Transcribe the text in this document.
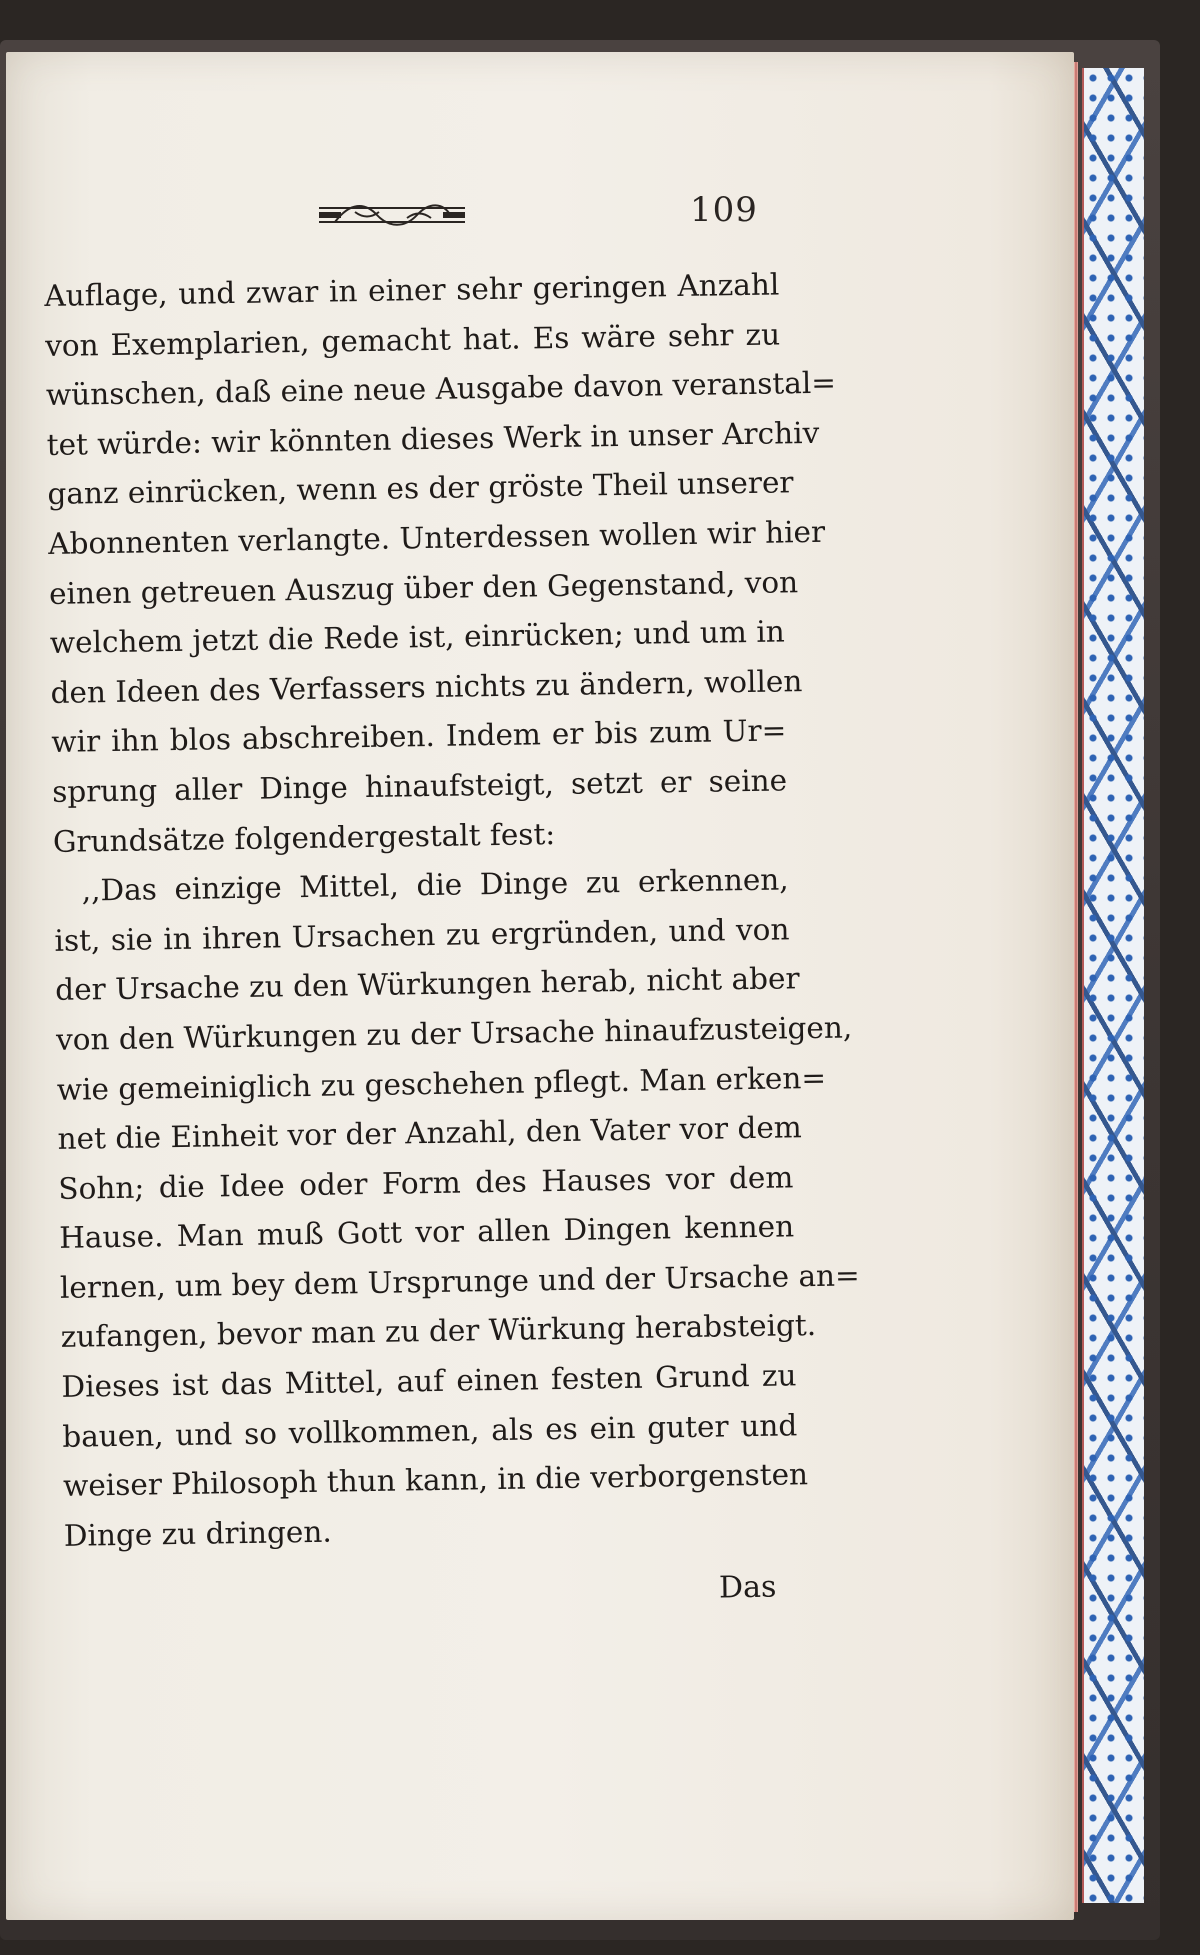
109
Auflage, und zwar in einer sehr geringen Anzahl
von Exemplarien, gemacht hat. Es wäre sehr zu
wünschen, daß eine neue Ausgabe davon veranstal=
tet würde: wir könnten dieses Werk in unser Archiv
ganz einrücken, wenn es der gröste Theil unserer
Abonnenten verlangte. Unterdessen wollen wir hier
einen getreuen Auszug über den Gegenstand, von
welchem jetzt die Rede ist, einrücken; und um in
den Ideen des Verfassers nichts zu ändern, wollen
wir ihn blos abschreiben. Indem er bis zum Ur=
sprung aller Dinge hinaufsteigt, setzt er seine
Grundsätze folgendergestalt fest:
,,Das einzige Mittel, die Dinge zu erkennen,
ist, sie in ihren Ursachen zu ergründen, und von
der Ursache zu den Würkungen herab, nicht aber
von den Würkungen zu der Ursache hinaufzusteigen,
wie gemeiniglich zu geschehen pflegt. Man erken=
net die Einheit vor der Anzahl, den Vater vor dem
Sohn; die Idee oder Form des Hauses vor dem
Hause. Man muß Gott vor allen Dingen kennen
lernen, um bey dem Ursprunge und der Ursache an=
zufangen, bevor man zu der Würkung herabsteigt.
Dieses ist das Mittel, auf einen festen Grund zu
bauen, und so vollkommen, als es ein guter und
weiser Philosoph thun kann, in die verborgensten
Dinge zu dringen.
Das
